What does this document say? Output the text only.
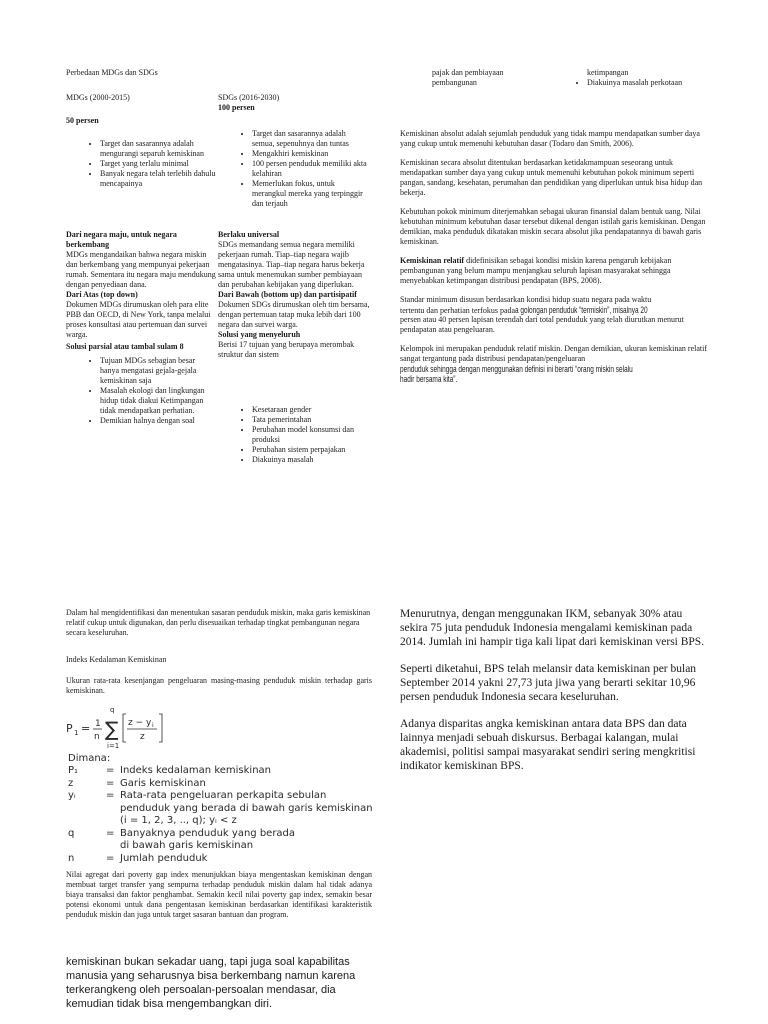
Perbedaan MDGs dan SDGs
MDGs (2000-2015)
50 persen
• Target dan sasarannya adalah mengurangi separuh kemiskinan
• Target yang terlalu minimal
• Banyak negara telah terlebih dahulu mencapainya
Dari negara maju, untuk negara berkembang
MDGs mengandaikan bahwa negara miskin dan berkembang yang mempunyai pekerjaan rumah. Sementara itu negara maju mendukung dengan penyediaan dana.
Dari Atas (top down)
Dokumen MDGs dirumuskan oleh para elite PBB dan OECD, di New York, tanpa melalui proses konsultasi atau pertemuan dan survei warga.
Solusi parsial atau tambal sulam 8
• Tujuan MDGs sebagian besar hanya mengatasi gejala-gejala kemiskinan saja
• Masalah ekologi dan lingkungan hidup tidak diakui Ketimpangan tidak mendapatkan perhatian.
• Demikian halnya dengan soal
SDGs (2016-2030)
100 persen
• Target dan sasarannya adalah semua, sepenuhnya dan tuntas
• Mengakhiri kemiskinan
• 100 persen penduduk memiliki akta kelahiran
• Memerlukan fokus, untuk merangkul mereka yang terpinggir dan terjauh
Berlaku universal
SDGs memandang semua negara memiliki pekerjaan rumah. Tiap–tiap negara wajib mengatasinya. Tiap–tiap negara harus bekerja sama untuk menemukan sumber pembiayaan dan perubahan kebijakan yang diperlukan.
Dari Bawah (bottom up) dan partisipatif
Dokumen SDGs dirumuskan oleh tim bersama, dengan pertemuan tatap muka lebih dari 100 negara dan survei warga.
Solusi yang menyeluruh
Berisi 17 tujuan yang berupaya merombak struktur dan sistem
• Kesetaraan gender
• Tata pemerintahan
• Perubahan model konsumsi dan produksi
• Perubahan sistem perpajakan
• Diakuinya masalah
pajak dan pembiayaan
pembangunan
ketimpangan
• Diakuinya masalah perkotaan

Kemiskinan absolut adalah sejumlah penduduk yang tidak mampu mendapatkan sumber daya yang cukup untuk memenuhi kebutuhan dasar (Todaro dan Smith, 2006).

Kemiskinan secara absolut ditentukan berdasarkan ketidakmampuan seseorang untuk mendapatkan sumber daya yang cukup untuk memenuhi kebutuhan pokok minimum seperti pangan, sandang, kesehatan, perumahan dan pendidikan yang diperlukan untuk bisa hidup dan bekerja.

Kebutuhan pokok minimum diterjemahkan sebagai ukuran finansial dalam bentuk uang. Nilai kebutuhan minimum kebutuhan dasar tersebut dikenal dengan istilah garis kemiskinan. Dengan demikian, maka penduduk dikatakan miskin secara absolut jika pendapatannya di bawah garis kemiskinan.

Kemiskinan relatif didefinisikan sebagai kondisi miskin karena pengaruh kebijakan pembangunan yang belum mampu menjangkau seluruh lapisan masyarakat sehingga menyebabkan ketimpangan distribusi pendapatan (BPS, 2008).

Standar minimum disusun berdasarkan kondisi hidup suatu negara pada waktu
tertentu dan perhatian terfokus padaa golongan penduduk “termiskin”, misalnya 20
persen atau 40 persen lapisan terendah dari total penduduk yang telah diurutkan menurut pendapatan atau pengeluaran.
Kelompok ini merupakan penduduk relatif miskin. Dengan demikian, ukuran kemiskinan relatif sangat tergantung pada distribusi pendapatan/pengeluaran
penduduk sehingga dengan menggunakan definisi ini berarti “orang miskin selalu
hadir bersama kita”.
Dalam hal mengidentifikasi dan menentukan sasaran penduduk miskin, maka garis kemiskinan relatif cukup untuk digunakan, dan perlu disesuaikan terhadap tingkat pembangunan negara secara keseluruhan.
Indeks Kedalaman Kemiskinan
Ukuran rata-rata kesenjangan pengeluaran masing-masing penduduk miskin terhadap garis kemiskinan.
P 1 = 1
n
q
∑
i=1
z − y i
z
Dimana:
P₁	= Indeks kedalaman kemiskinan
z	= Garis kemiskinan
yᵢ	= Rata-rata pengeluaran perkapita sebulan
penduduk yang berada di bawah garis kemiskinan
(i = 1, 2, 3, .., q); yᵢ < z
q	= Banyaknya penduduk yang berada
di bawah garis kemiskinan
n	= Jumlah penduduk
Nilai agregat dari poverty gap index menunjukkan biaya mengentaskan kemiskinan dengan membuat target transfer yang sempurna terhadap penduduk miskin dalam hal tidak adanya biaya transaksi dan faktor penghambat. Semakin kecil nilai poverty gap index, semakin besar potensi ekonomi untuk dana pengentasan kemiskinan berdasarkan identifikasi karakteristik penduduk miskin dan juga untuk target sasaran bantuan dan program.
kemiskinan bukan sekadar uang, tapi juga soal kapabilitas manusia yang seharusnya bisa berkembang namun karena terkerangkeng oleh persoalan-persoalan mendasar, dia kemudian tidak bisa mengembangkan diri.

Menurutnya, dengan menggunakan IKM, sebanyak 30% atau sekira 75 juta penduduk Indonesia mengalami kemiskinan pada 2014. Jumlah ini hampir tiga kali lipat dari kemiskinan versi BPS.

Seperti diketahui, BPS telah melansir data kemiskinan per bulan September 2014 yakni 27,73 juta jiwa yang berarti sekitar 10,96 persen penduduk Indonesia secara keseluruhan.

Adanya disparitas angka kemiskinan antara data BPS dan data lainnya menjadi sebuah diskursus. Berbagai kalangan, mulai akademisi, politisi sampai masyarakat sendiri sering mengkritisi indikator kemiskinan BPS.
